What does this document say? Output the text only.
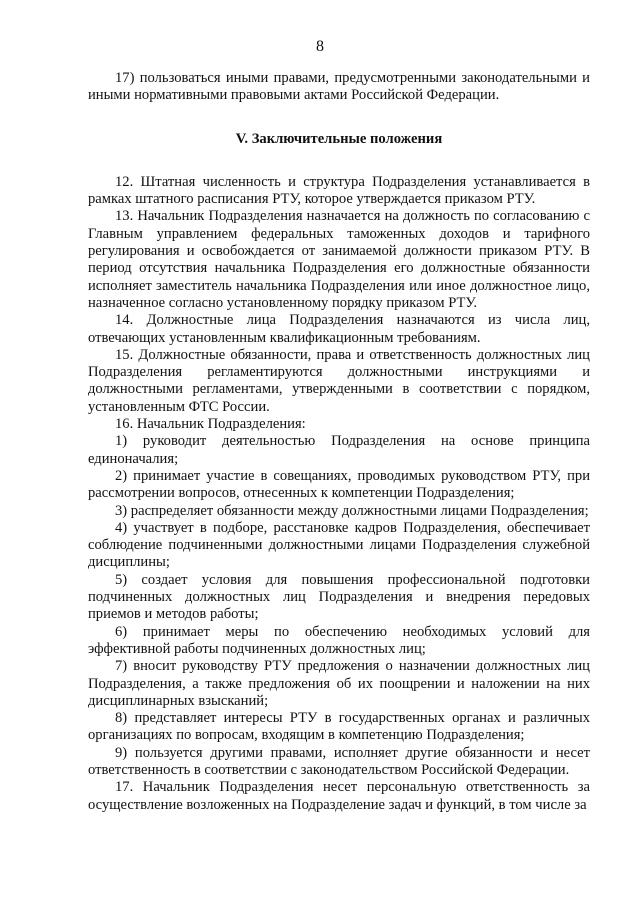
8

17) пользоваться иными правами, предусмотренными законодательными и иными нормативными правовыми актами Российской Федерации.

V. Заключительные положения

12. Штатная численность и структура Подразделения устанавливается в рамках штатного расписания РТУ, которое утверждается приказом РТУ.

13. Начальник Подразделения назначается на должность по согласованию с Главным управлением федеральных таможенных доходов и тарифного регулирования и освобождается от занимаемой должности приказом РТУ. В период отсутствия начальника Подразделения его должностные обязанности исполняет заместитель начальника Подразделения или иное должностное лицо, назначенное согласно установленному порядку приказом РТУ.

14. Должностные лица Подразделения назначаются из числа лиц, отвечающих установленным квалификационным требованиям.

15. Должностные обязанности, права и ответственность должностных лиц Подразделения регламентируются должностными инструкциями и должностными регламентами, утвержденными в соответствии с порядком, установленным ФТС России.

16. Начальник Подразделения:

1) руководит деятельностью Подразделения на основе принципа единоначалия;

2) принимает участие в совещаниях, проводимых руководством РТУ, при рассмотрении вопросов, отнесенных к компетенции Подразделения;

3) распределяет обязанности между должностными лицами Подразделения;

4) участвует в подборе, расстановке кадров Подразделения, обеспечивает соблюдение подчиненными должностными лицами Подразделения служебной дисциплины;

5) создает условия для повышения профессиональной подготовки подчиненных должностных лиц Подразделения и внедрения передовых приемов и методов работы;

6) принимает меры по обеспечению необходимых условий для эффективной работы подчиненных должностных лиц;

7) вносит руководству РТУ предложения о назначении должностных лиц Подразделения, а также предложения об их поощрении и наложении на них дисциплинарных взысканий;

8) представляет интересы РТУ в государственных органах и различных организациях по вопросам, входящим в компетенцию Подразделения;

9) пользуется другими правами, исполняет другие обязанности и несет ответственность в соответствии с законодательством Российской Федерации.

17. Начальник Подразделения несет персональную ответственность за осуществление возложенных на Подразделение задач и функций, в том числе за
